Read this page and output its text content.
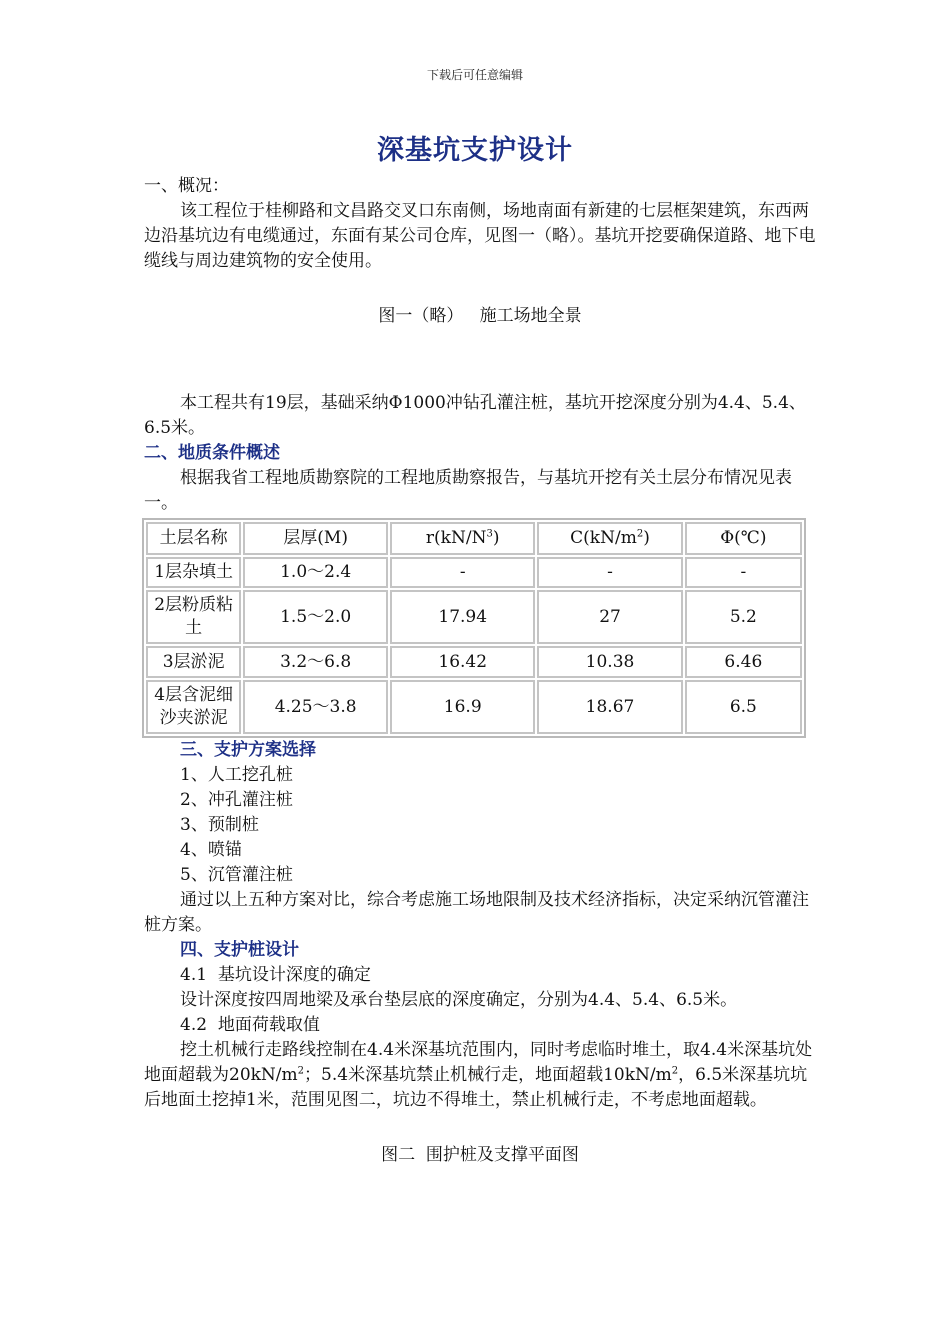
下载后可任意编辑
深基坑支护设计

一、概况：

该工程位于桂柳路和文昌路交叉口东南侧，场地南面有新建的七层框架建筑，东西两边沿基坑边有电缆通过，东面有某公司仓库，见图一（略）。基坑开挖要确保道路、地下电缆线与周边建筑物的安全使用。

图一（略）   施工场地全景

本工程共有19层，基础采纳Φ1000冲钻孔灌注桩，基坑开挖深度分别为4.4、5.4、6.5米。

二、地质条件概述

根据我省工程地质勘察院的工程地质勘察报告，与基坑开挖有关土层分布情况见表一。

土层名称	层厚(M)	$r(kN/N^3)$	$C(kN/m^2)$	Φ(℃)
1层杂填土	1.0～2.4	-	-	-
2层粉质粘土	1.5～2.0	17.94	27	5.2
3层淤泥	3.2～6.8	16.42	10.38	6.46
4层含泥细沙夹淤泥	4.25～3.8	16.9	18.67	6.5

三、支护方案选择

1、人工挖孔桩

2、冲孔灌注桩

3、预制桩

4、喷锚

5、沉管灌注桩

通过以上五种方案对比，综合考虑施工场地限制及技术经济指标，决定采纳沉管灌注桩方案。

四、支护桩设计

4.1  基坑设计深度的确定

设计深度按四周地梁及承台垫层底的深度确定，分别为4.4、5.4、6.5米。

4.2  地面荷载取值

挖土机械行走路线控制在4.4米深基坑范围内，同时考虑临时堆土，取4.4米深基坑处地面超载为$20kN/m^2$；5.4米深基坑禁止机械行走，地面超载$10kN/m^2$，6.5米深基坑坑后地面土挖掉1米，范围见图二，坑边不得堆土，禁止机械行走，不考虑地面超载。

图二  围护桩及支撑平面图
